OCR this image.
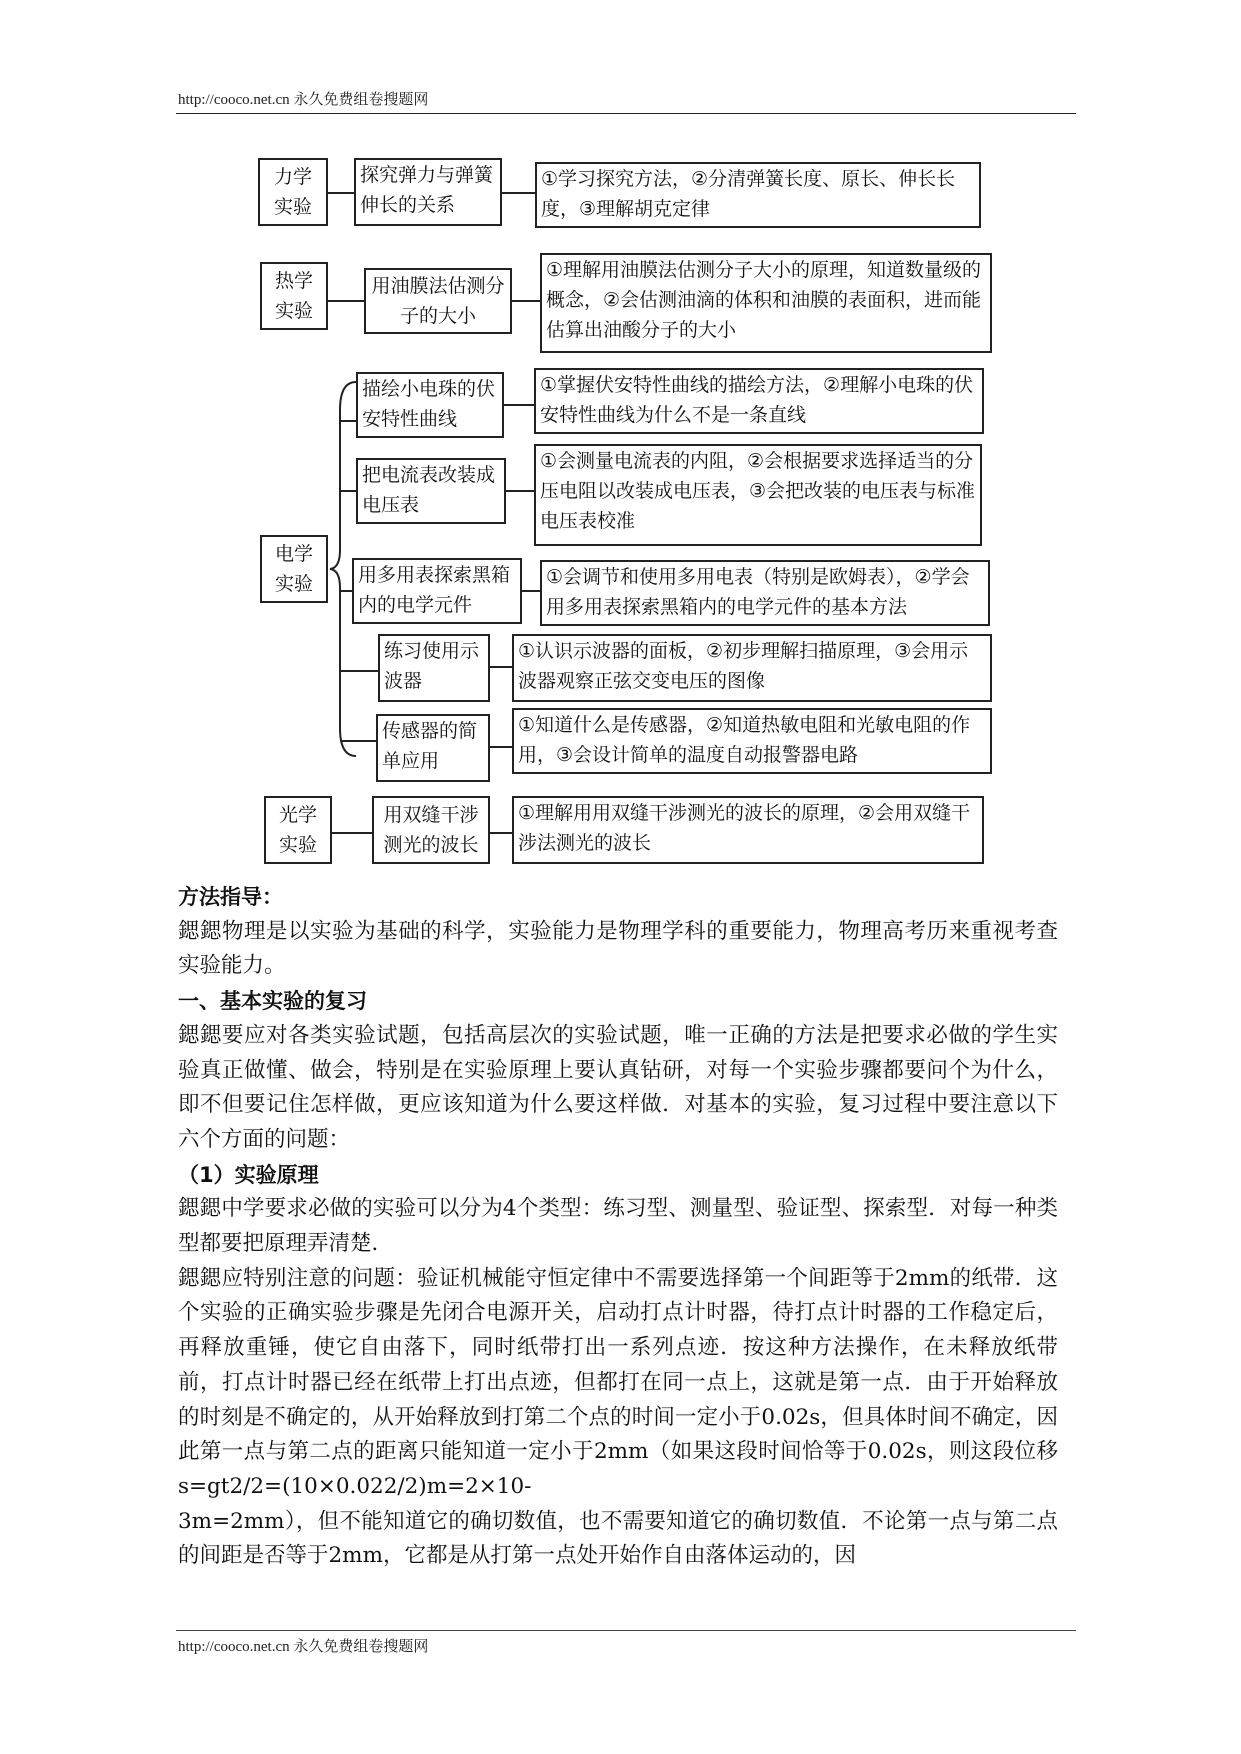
http://cooco.net.cn 永久免费组卷搜题网
力学
实验
探究弹力与弹簧伸长的关系
①学习探究方法，②分清弹簧长度、原长、伸长长度，③理解胡克定律
热学
实验
用油膜法估测分子的大小
①理解用油膜法估测分子大小的原理，知道数量级的概念，②会估测油滴的体积和油膜的表面积，进而能估算出油酸分子的大小
电学
实验
描绘小电珠的伏安特性曲线
①掌握伏安特性曲线的描绘方法，②理解小电珠的伏安特性曲线为什么不是一条直线
把电流表改装成电压表
①会测量电流表的内阻，②会根据要求选择适当的分压电阻以改装成电压表，③会把改装的电压表与标准电压表校准
用多用表探索黑箱内的电学元件
①会调节和使用多用电表（特别是欧姆表），②学会用多用表探索黑箱内的电学元件的基本方法
练习使用示波器
①认识示波器的面板，②初步理解扫描原理，③会用示波器观察正弦交变电压的图像
传感器的简单应用
①知道什么是传感器，②知道热敏电阻和光敏电阻的作用，③会设计简单的温度自动报警器电路
光学
实验
用双缝干涉测光的波长
①理解用用双缝干涉测光的波长的原理，②会用双缝干涉法测光的波长

方法指导：

鍶鍶物理是以实验为基础的科学，实验能力是物理学科的重要能力，物理高考历来重视考查实验能力。

一、基本实验的复习

鍶鍶要应对各类实验试题，包括高层次的实验试题，唯一正确的方法是把要求必做的学生实验真正做懂、做会，特别是在实验原理上要认真钻研，对每一个实验步骤都要问个为什么，即不但要记住怎样做，更应该知道为什么要这样做．对基本的实验，复习过程中要注意以下六个方面的问题：

（1）实验原理

鍶鍶中学要求必做的实验可以分为4个类型：练习型、测量型、验证型、探索型．对每一种类型都要把原理弄清楚．

鍶鍶应特别注意的问题：验证机械能守恒定律中不需要选择第一个间距等于2mm的纸带．这个实验的正确实验步骤是先闭合电源开关，启动打点计时器，待打点计时器的工作稳定后，再释放重锤，使它自由落下，同时纸带打出一系列点迹．按这种方法操作，在未释放纸带前，打点计时器已经在纸带上打出点迹，但都打在同一点上，这就是第一点．由于开始释放的时刻是不确定的，从开始释放到打第二个点的时间一定小于0.02s，但具体时间不确定，因此第一点与第二点的距离只能知道一定小于2mm（如果这段时间恰等于0.02s，则这段位移s=gt2/2=(10×0.022/2)m=2×10-

3m=2mm），但不能知道它的确切数值，也不需要知道它的确切数值．不论第一点与第二点的间距是否等于2mm，它都是从打第一点处开始作自由落体运动的，因

http://cooco.net.cn 永久免费组卷搜题网
